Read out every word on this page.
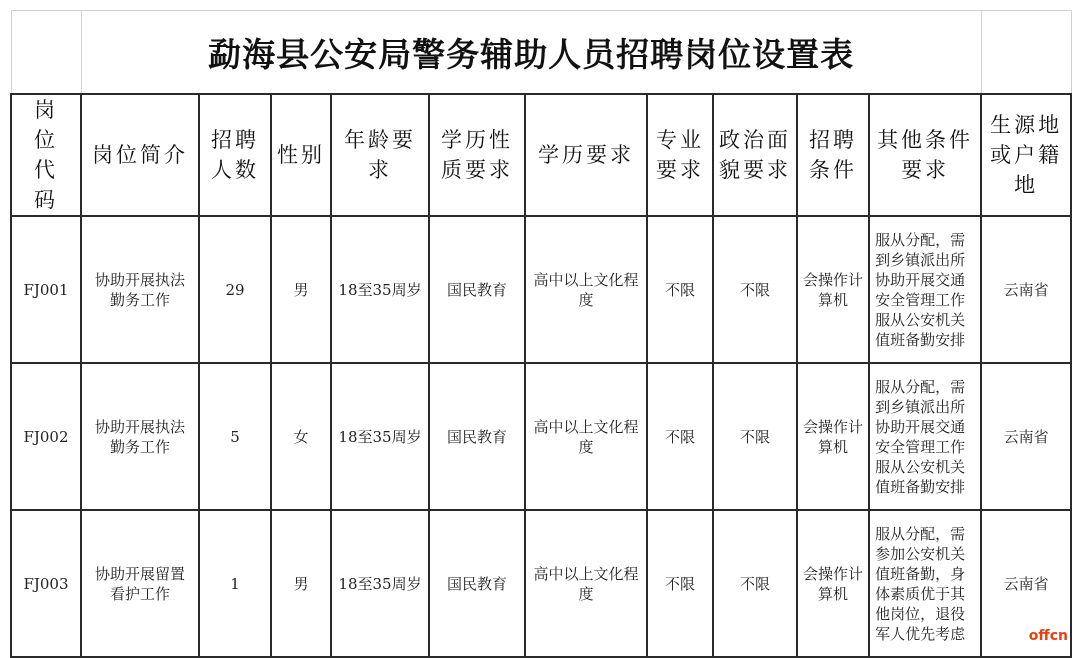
	勐海县公安局警务辅助人员招聘岗位设置表										

岗位代码	岗位简介	招聘人数	性别	年龄要求	学历性质要求	学历要求	专业要求	政治面貌要求	招聘条件	其他条件要求	生源地或户籍地

FJ001	协助开展执法勤务工作	29	男	18至35周岁	国民教育	高中以上文化程度	不限	不限	会操作计算机	服从分配，需到乡镇派出所协助开展交通安全管理工作服从公安机关值班备勤安排	云南省
FJ002	协助开展执法勤务工作	5	女	18至35周岁	国民教育	高中以上文化程度	不限	不限	会操作计算机	服从分配，需到乡镇派出所协助开展交通安全管理工作服从公安机关值班备勤安排	云南省
FJ003	协助开展留置看护工作	1	男	18至35周岁	国民教育	高中以上文化程度	不限	不限	会操作计算机	服从分配，需参加公安机关值班备勤，身体素质优于其他岗位，退役军人优先考虑	云南省
offcn
